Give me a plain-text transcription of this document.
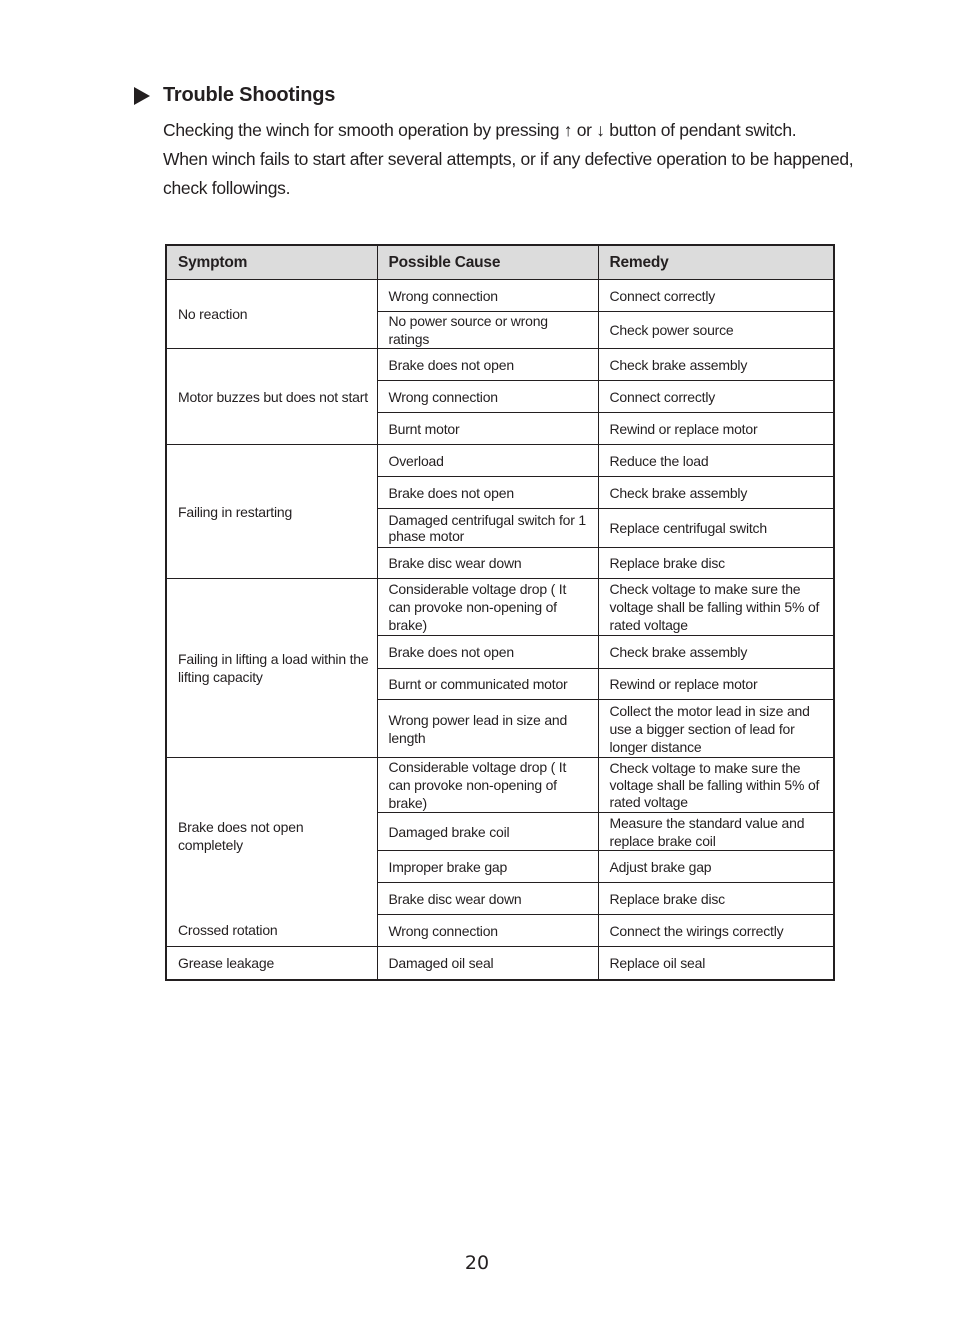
Trouble Shootings

Checking the winch for smooth operation by pressing ↑ or ↓ button of pendant switch.

When winch fails to start after several attempts, or if any defective operation to be happened,

check followings.

Symptom	Possible Cause	Remedy
No reaction	Wrong connection	Connect correctly
	No power source or wrong ratings	Check power source
Motor buzzes but does not start	Brake does not open	Check brake assembly
	Wrong connection	Connect correctly
	Burnt motor	Rewind or replace motor
Failing in restarting	Overload	Reduce the load
	Brake does not open	Check brake assembly
	Damaged centrifugal switch for 1 phase motor	Replace centrifugal switch
	Brake disc wear down	Replace brake disc
Failing in lifting a load within the lifting capacity	Considerable voltage drop ( It can provoke non-opening of brake)	Check voltage to make sure the voltage shall be falling within 5% of rated voltage
	Brake does not open	Check brake assembly
	Burnt or communicated motor	Rewind or replace motor
	Wrong power lead in size and length	Collect the motor lead in size and use a bigger section of lead for longer distance
Brake does not open completely	Considerable voltage drop ( It can provoke non-opening of brake)	Check voltage to make sure the voltage shall be falling within 5% of rated voltage
	Damaged brake coil	Measure the standard value and replace brake coil
	Improper brake gap	Adjust brake gap
	Brake disc wear down	Replace brake disc
Crossed rotation	Wrong connection	Connect the wirings correctly
Grease leakage	Damaged oil seal	Replace oil seal
20
